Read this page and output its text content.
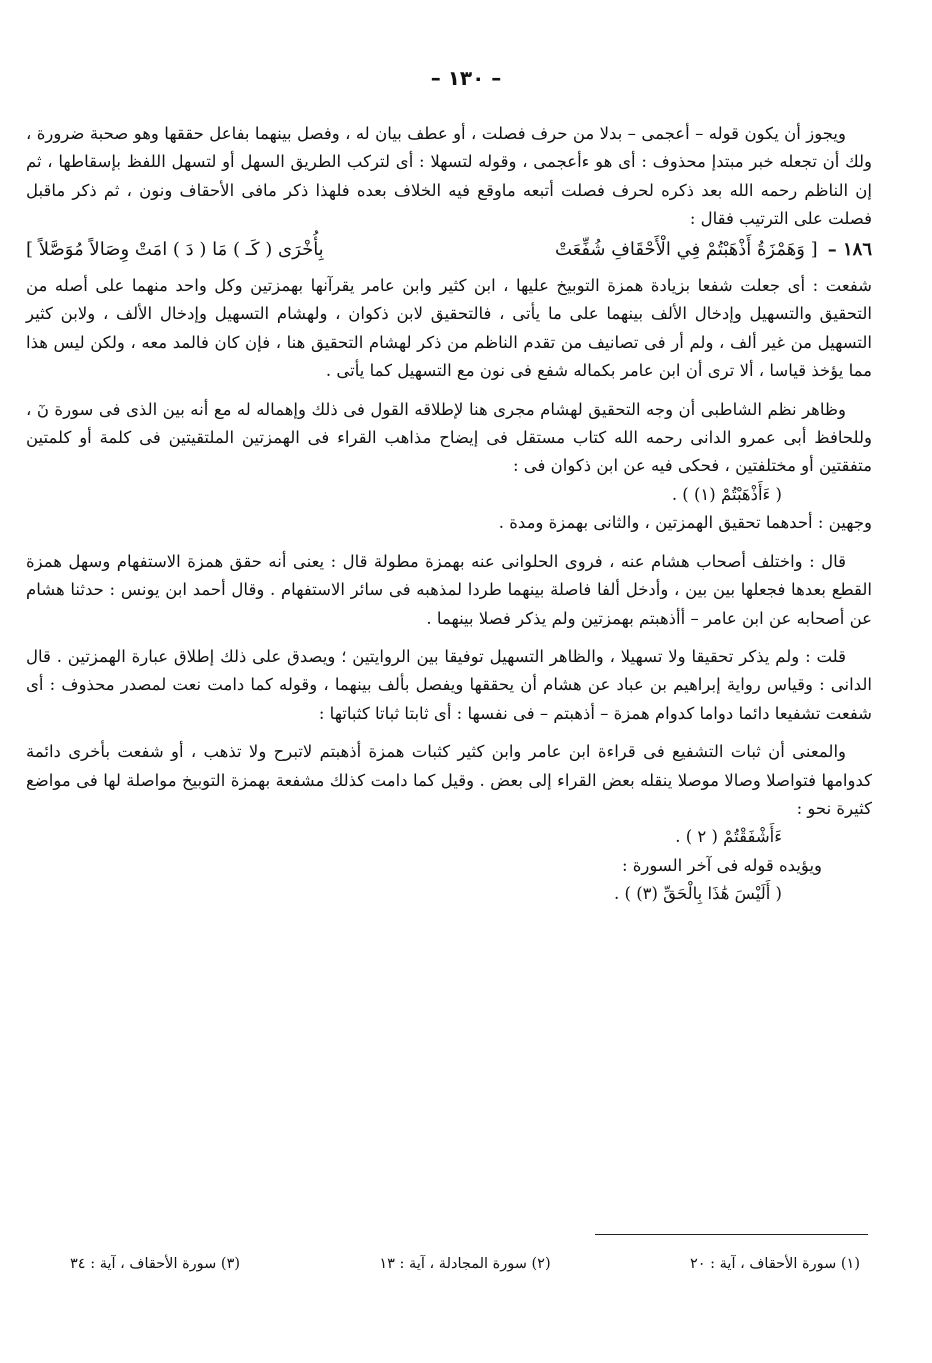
– ١٣٠ –

ويجوز أن يكون قوله – أعجمى – بدلا من حرف فصلت ، أو عطف بيان له ، وفصل بينهما بفاعل حققها وهو صحبة ضرورة ، ولك أن تجعله خبر مبتدإ محذوف : أى هو ءأعجمى ، وقوله لتسهلا : أى لتركب الطريق السهل أو لتسهل اللفظ بإسقاطها ، ثم إن الناظم رحمه الله بعد ذكره لحرف فصلت أتبعه ماوقع فيه الخلاف بعده فلهذا ذكر مافى الأحقاف ونون ، ثم ذكر ماقبل فصلت على الترتيب فقال :

١٨٦ –
[ وَهَمْزَةُ أَذْهَبْتُمْ فِي الْأَحْقَافِ شُفِّعَتْ
بِأُخْرَى ( كَـ ) مَا ( دَ ) امَتْ وِصَالاً مُوَصَّلاً ]

شفعت : أى جعلت شفعا بزيادة همزة التوبيخ عليها ، ابن كثير وابن عامر يقرآنها بهمزتين وكل واحد منهما على أصله من التحقيق والتسهيل وإدخال الألف بينهما على ما يأتى ، فالتحقيق لابن ذكوان ، ولهشام التسهيل وإدخال الألف ، ولابن كثير التسهيل من غير ألف ، ولم أر فى تصانيف من تقدم الناظم من ذكر لهشام التحقيق هنا ، فإن كان فالمد معه ، ولكن ليس هذا مما يؤخذ قياسا ، ألا ترى أن ابن عامر بكماله شفع فى نون مع التسهيل كما يأتى .

وظاهر نظم الشاطبى أن وجه التحقيق لهشام مجرى هنا لإطلاقه القول فى ذلك وإهماله له مع أنه بين الذى فى سورة نٓ ، وللحافظ أبى عمرو الدانى رحمه الله كتاب مستقل فى إيضاح مذاهب القراء فى الهمزتين الملتقيتين فى كلمة أو كلمتين متفقتين أو مختلفتين ، فحكى فيه عن ابن ذكوان فى :

( ءَأَذْهَبْتُمْ (١) ) .

وجهين : أحدهما تحقيق الهمزتين ، والثانى بهمزة ومدة .

قال : واختلف أصحاب هشام عنه ، فروى الحلوانى عنه بهمزة مطولة قال : يعنى أنه حقق همزة الاستفهام وسهل همزة القطع بعدها فجعلها بين بين ، وأدخل ألفا فاصلة بينهما طردا لمذهبه فى سائر الاستفهام . وقال أحمد ابن يونس : حدثنا هشام عن أصحابه عن ابن عامر – أأذهبتم بهمزتين ولم يذكر فصلا بينهما .

قلت : ولم يذكر تحقيقا ولا تسهيلا ، والظاهر التسهيل توفيقا بين الروايتين ؛ ويصدق على ذلك إطلاق عبارة الهمزتين . قال الدانى : وقياس رواية إبراهيم بن عباد عن هشام أن يحققها ويفصل بألف بينهما ، وقوله كما دامت نعت لمصدر محذوف : أى شفعت تشفيعا دائما دواما كدوام همزة – أذهبتم – فى نفسها : أى ثابتا ثباتا كثباتها :

والمعنى أن ثبات التشفيع فى قراءة ابن عامر وابن كثير كثبات همزة أذهبتم لاتبرح ولا تذهب ، أو شفعت بأخرى دائمة كدوامها فتواصلا وصالا موصلا ينقله بعض القراء إلى بعض . وقيل كما دامت كذلك مشفعة بهمزة التوبيخ مواصلة لها فى مواضع كثيرة نحو :

ءَأَشْفَقْتُمْ ( ٢ ) .

ويؤيده قوله فى آخر السورة :

( أَلَيْسَ هَٰذَا بِالْحَقِّ (٣) ) .

(١) سورة الأحقاف ، آية : ٢٠
(٢) سورة المجادلة ، آية : ١٣
(٣) سورة الأحقاف ، آية : ٣٤
